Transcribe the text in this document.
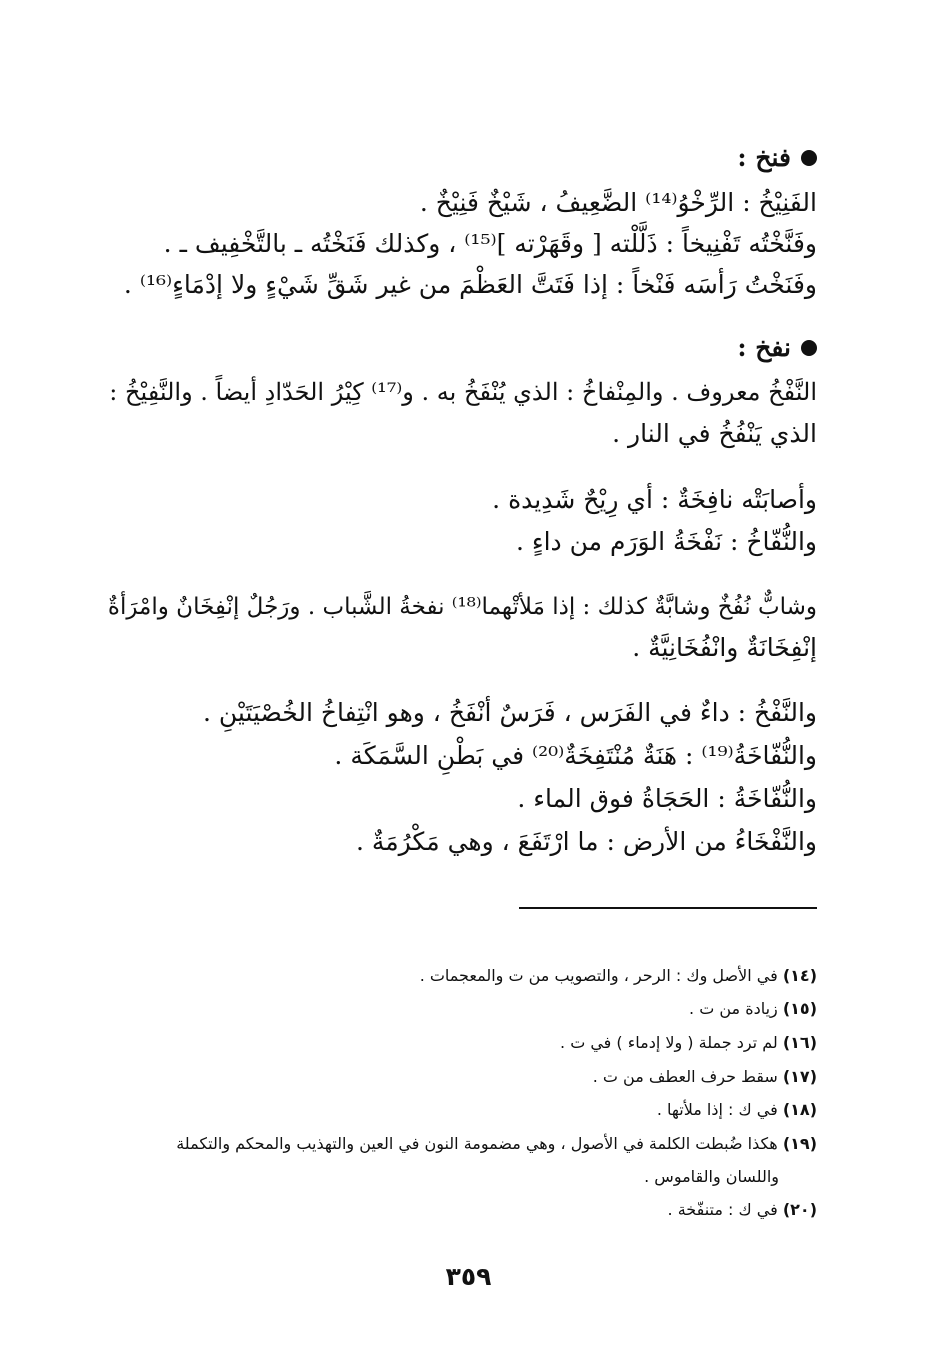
فنخ :
الفَنِيْخُ : الرِّخْوُ⁽¹⁴⁾ الضَّعِيفُ ، شَيْخٌ فَنِيْخٌ .
وفَنَّخْتُه تَفْنِيخاً : ذَلَّلْته [ وقَهَرْته ]⁽¹⁵⁾ ، وكذلك فَنَخْتُه ـ بالتَّخْفِيف ـ .
وفَنَخْتُ رَأسَه فَنْخاً : إذا فَتَتَّ العَظْمَ من غير شَقِّ شَيْءٍ ولا إدْمَاءٍ⁽¹⁶⁾ .
نفخ :
النَّفْخُ معروف . والمِنْفاخُ : الذي يُنْفَخُ به . و⁽¹⁷⁾ كِيْرُ الحَدّادِ أيضاً . والنَّفِيْخُ :
الذي يَنْفُخُ في النار .
وأصابَتْه نافِخَةٌ : أي رِيْحٌ شَدِيدة .
والنُّفّاخُ : نَفْخَةُ الوَرَم من داءٍ .
وشابٌّ نُفُخٌ وشابَّةٌ كذلك : إذا مَلأتْهما⁽¹⁸⁾ نفخةُ الشَّباب . ورَجُلٌ إنْفِخَانٌ وامْرَأةٌ
إنْفِخَانَةٌ وانْفُخَانِيَّةٌ .
والنَّفْخُ : داءٌ في الفَرَس ، فَرَسٌ أنْفَخُ ، وهو انْتِفاخُ الخُصْيَتَيْنِ .
والنُّفّاخَةُ⁽¹⁹⁾ : هَنَةٌ مُنْتَفِخَةٌ⁽²⁰⁾ في بَطْنِ السَّمَكَة .
والنُّفّاخَةُ : الحَجَاةُ فوق الماء .
والنَّفْخَاءُ من الأرض : ما ارْتَفَعَ ، وهي مَكْرُمَةٌ .
(١٤) في الأصل وك : الرحر ، والتصويب من ت والمعجمات .
(١٥) زيادة من ت .
(١٦) لم ترد جملة ( ولا إدماء ) في ت .
(١٧) سقط حرف العطف من ت .
(١٨) في ك : إذا ملأتها .
(١٩) هكذا ضُبطت الكلمة في الأصول ، وهي مضمومة النون في العين والتهذيب والمحكم والتكملة
واللسان والقاموس .
(٢٠) في ك : متنفّخة .
٣٥٩
